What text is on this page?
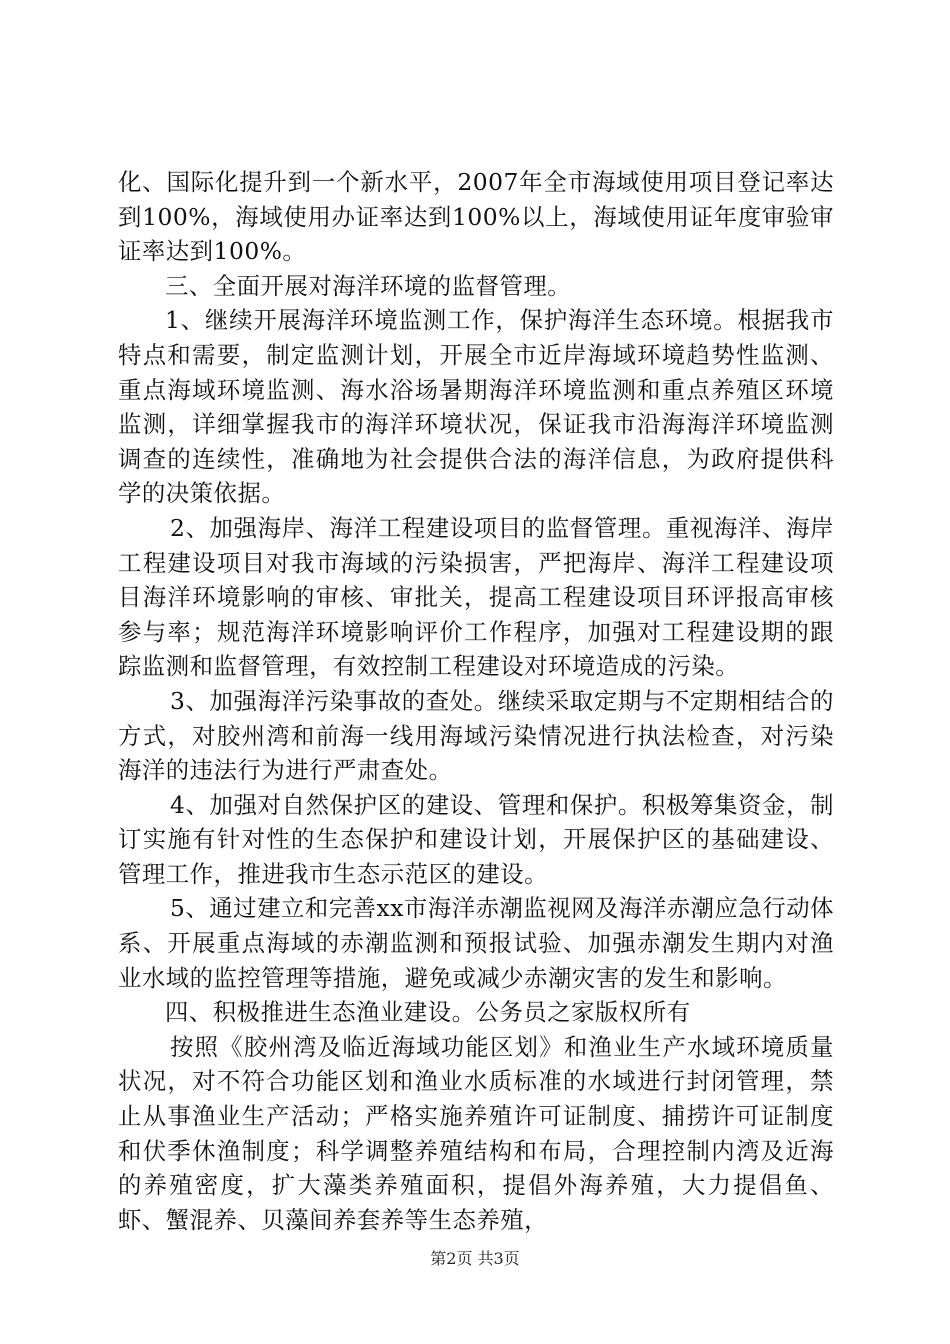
化、国际化提升到一个新水平，2007年全市海域使用项目登记率达到100%，海域使用办证率达到100%以上，海域使用证年度审验审证率达到100%。

三、全面开展对海洋环境的监督管理。

1、继续开展海洋环境监测工作，保护海洋生态环境。根据我市特点和需要，制定监测计划，开展全市近岸海域环境趋势性监测、重点海域环境监测、海水浴场暑期海洋环境监测和重点养殖区环境监测，详细掌握我市的海洋环境状况，保证我市沿海海洋环境监测调查的连续性，准确地为社会提供合法的海洋信息，为政府提供科学的决策依据。

2、加强海岸、海洋工程建设项目的监督管理。重视海洋、海岸工程建设项目对我市海域的污染损害，严把海岸、海洋工程建设项目海洋环境影响的审核、审批关，提高工程建设项目环评报高审核参与率；规范海洋环境影响评价工作程序，加强对工程建设期的跟踪监测和监督管理，有效控制工程建设对环境造成的污染。

3、加强海洋污染事故的查处。继续采取定期与不定期相结合的方式，对胶州湾和前海一线用海域污染情况进行执法检查，对污染海洋的违法行为进行严肃查处。

4、加强对自然保护区的建设、管理和保护。积极筹集资金，制订实施有针对性的生态保护和建设计划，开展保护区的基础建设、管理工作，推进我市生态示范区的建设。

5、通过建立和完善xx市海洋赤潮监视网及海洋赤潮应急行动体系、开展重点海域的赤潮监测和预报试验、加强赤潮发生期内对渔业水域的监控管理等措施，避免或减少赤潮灾害的发生和影响。

四、积极推进生态渔业建设。公务员之家版权所有

按照《胶州湾及临近海域功能区划》和渔业生产水域环境质量状况，对不符合功能区划和渔业水质标准的水域进行封闭管理，禁止从事渔业生产活动；严格实施养殖许可证制度、捕捞许可证制度和伏季休渔制度；科学调整养殖结构和布局，合理控制内湾及近海的养殖密度，扩大藻类养殖面积，提倡外海养殖，大力提倡鱼、虾、蟹混养、贝藻间养套养等生态养殖，

第2页 共3页
